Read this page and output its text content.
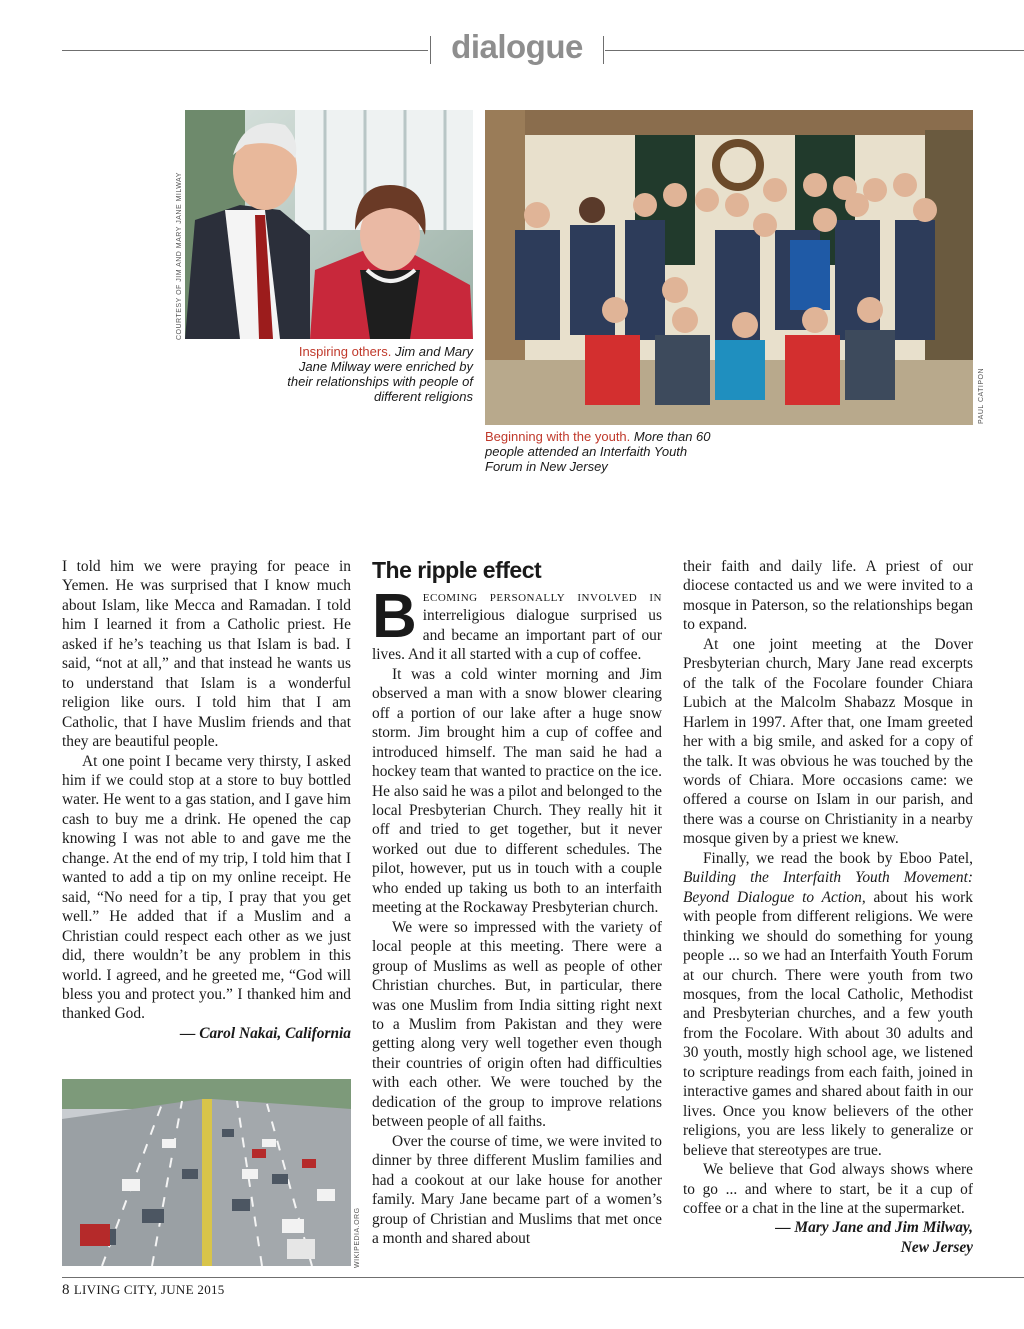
dialogue
COURTESY OF JIM AND MARY JANE MILWAY
Inspiring others. Jim and Mary Jane Milway were enriched by their relationships with people of different religions	PAUL CATIPON
Beginning with the youth. More than 60 people attended an Interfaith Youth Forum in New Jersey

I told him we were praying for peace in Yemen. He was surprised that I know much about Islam, like Mecca and Ramadan. I told him I learned it from a Catholic priest. He asked if he’s teaching us that Islam is bad. I said, “not at all,” and that instead he wants us to understand that Islam is a wonderful religion like ours. I told him that I am Catholic, that I have Muslim friends and that they are beautiful people.

At one point I became very thirsty, I asked him if we could stop at a store to buy bottled water. He went to a gas station, and I gave him cash to buy me a drink. He opened the cap knowing I was not able to and gave me the change. At the end of my trip, I told him that I wanted to add a tip on my online receipt. He said, “No need for a tip, I pray that you get well.” He added that if a Muslim and a Christian could respect each other as we just did, there wouldn’t be any problem in this world. I agreed, and he greeted me, “God will bless you and protect you.” I thanked him and thanked God.

— Carol Nakai, California

WIKIPEDIA.ORG
The ripple effect

Becoming personally involved in interreligious dialogue surprised us and became an important part of our lives. And it all started with a cup of coffee.

It was a cold winter morning and Jim observed a man with a snow blower clearing off a portion of our lake after a huge snow storm. Jim brought him a cup of coffee and introduced himself. The man said he had a hockey team that wanted to practice on the ice. He also said he was a pilot and belonged to the local Presbyterian Church. They really hit it off and tried to get together, but it never worked out due to different schedules. The pilot, however, put us in touch with a couple who ended up taking us both to an interfaith meeting at the Rockaway Presbyterian church.

We were so impressed with the variety of local people at this meeting. There were a group of Muslims as well as people of other Christian churches. But, in particular, there was one Muslim from India sitting right next to a Muslim from Pakistan and they were getting along very well together even though their countries of origin often had difficulties with each other. We were touched by the dedication of the group to improve relations between people of all faiths.

Over the course of time, we were invited to dinner by three different Muslim families and had a cookout at our lake house for another family. Mary Jane became part of a women’s group of Christian and Muslims that met once a month and shared about

their faith and daily life. A priest of our diocese contacted us and we were invited to a mosque in Paterson, so the relationships began to expand.

At one joint meeting at the Dover Presbyterian church, Mary Jane read excerpts of the talk of the Focolare founder Chiara Lubich at the Malcolm Shabazz Mosque in Harlem in 1997. After that, one Imam greeted her with a big smile, and asked for a copy of the talk. It was obvious he was touched by the words of Chiara. More occasions came: we offered a course on Islam in our parish, and there was a course on Christianity in a nearby mosque given by a priest we knew.

Finally, we read the book by Eboo Patel, Building the Interfaith Youth Movement: Beyond Dialogue to Action, about his work with people from different religions. We were thinking we should do something for young people ... so we had an Interfaith Youth Forum at our church. There were youth from two mosques, from the local Catholic, Methodist and Presbyterian churches, and a few youth from the Focolare. With about 30 adults and 30 youth, mostly high school age, we listened to scripture readings from each faith, joined in interactive games and shared about faith in our lives. Once you know believers of the other religions, you are less likely to generalize or believe that stereotypes are true.

We believe that God always shows where to go ... and where to start, be it a cup of coffee or a chat in the line at the supermarket.

— Mary Jane and Jim Milway,
New Jersey

8 LIVING CITY, JUNE 2015
